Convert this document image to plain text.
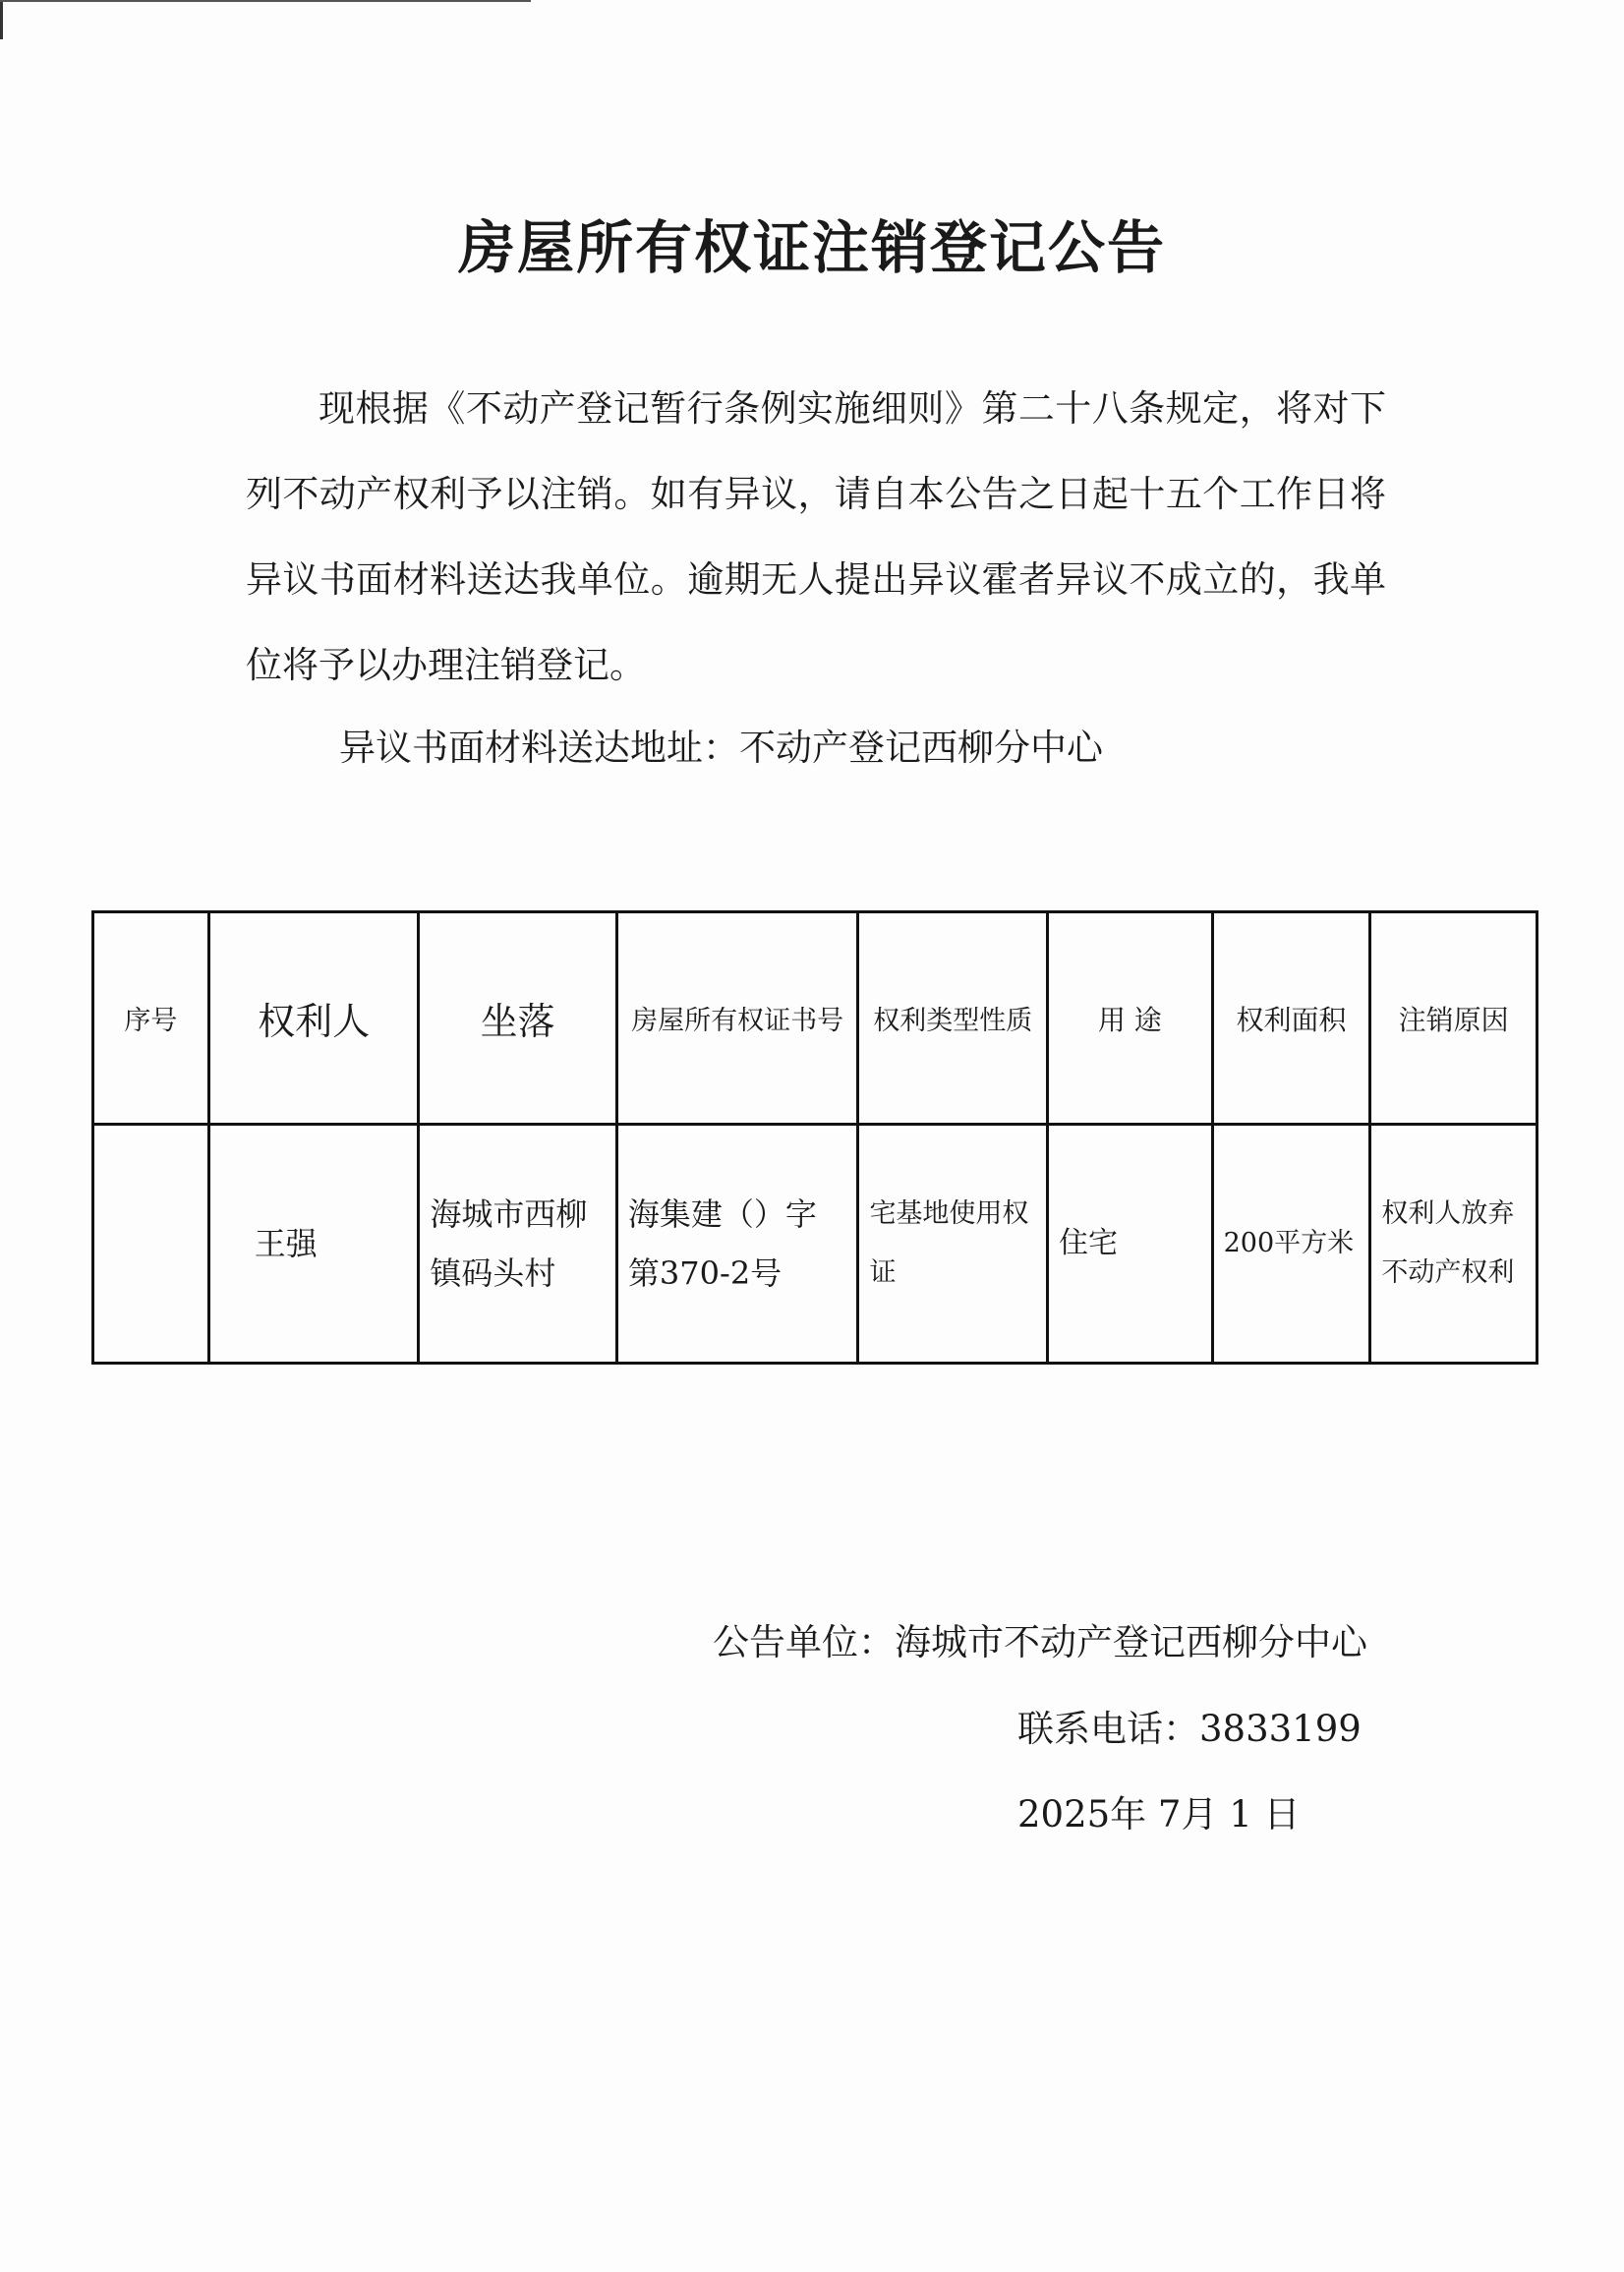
房屋所有权证注销登记公告
现根据《不动产登记暂行条例实施细则》第二十八条规定，将对下列不动产权利予以注销。如有异议，请自本公告之日起十五个工作日将异议书面材料送达我单位。逾期无人提出异议霍者异议不成立的，我单位将予以办理注销登记。
异议书面材料送达地址：不动产登记西柳分中心
序号	权利人	坐落	房屋所有权证书号	权利类型性质	用 途	权利面积	注销原因
	王强	海城市西柳镇码头村	海集建（）字第370-2号	宅基地使用权证	住宅	200平方米	权利人放弃不动产权利
公告单位：海城市不动产登记西柳分中心
联系电话：3833199
2025年 7月 1 日
